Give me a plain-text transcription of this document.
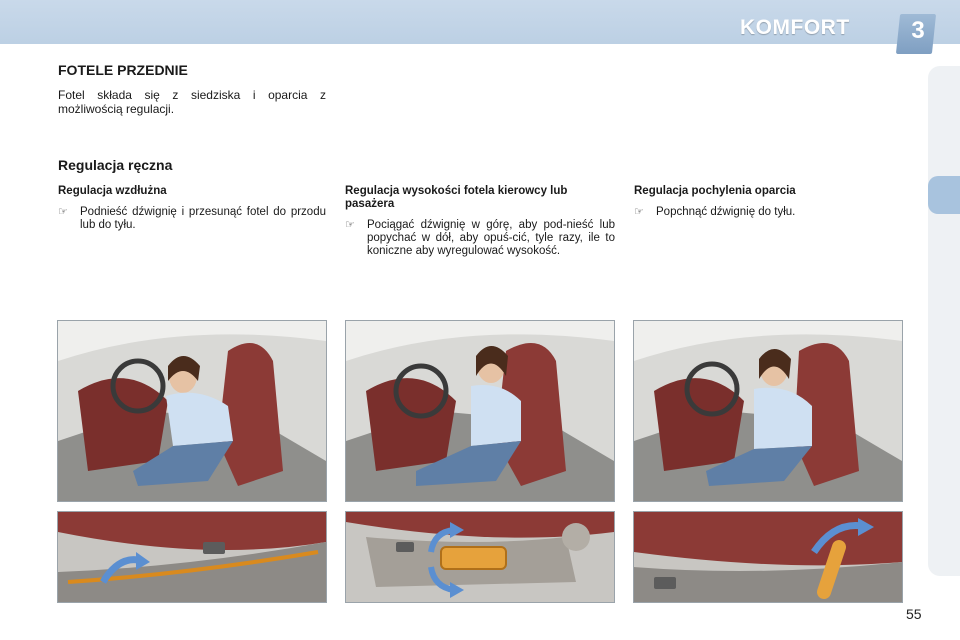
KOMFORT	3
FOTELE PRZEDNIE
Fotel składa się z siedziska i oparcia z możliwością regulacji.
Regulacja ręczna
Regulacja wzdłużna
☞	Podnieść dźwignię i przesunąć fotel do przodu lub do tyłu.
Regulacja wysokości fotela kierowcy lub pasażera
☞	Pociągać dźwignię w górę, aby pod-nieść lub popychać w dół, aby opuś-cić, tyle razy, ile to koniczne aby wyregulować wysokość.
Regulacja pochylenia oparcia
☞	Popchnąć dźwignię do tyłu.
55
